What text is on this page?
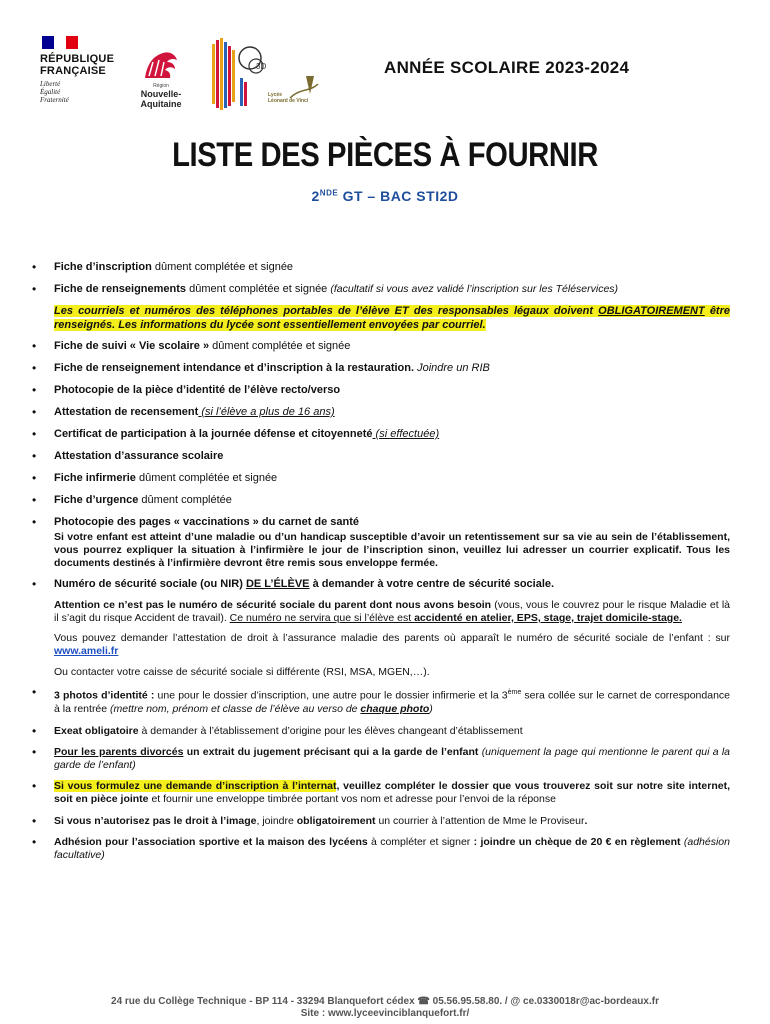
RÉPUBLIQUE
FRANÇAISE
Liberté
Égalité
Fraternité
Région
Nouvelle-
Aquitaine
3D
Lycée
Léonard de Vinci
ANNÉE SCOLAIRE 2023-2024
LISTE DES PIÈCES À FOURNIR
2NDE GT – BAC STI2D
• Fiche d’inscription dûment complétée et signée
• Fiche de renseignements dûment complétée et signée (facultatif si vous avez validé l’inscription sur les Téléservices)
Les courriels et numéros des téléphones portables de l’élève ET des responsables légaux doivent OBLIGATOIREMENT être renseignés. Les informations du lycée sont essentiellement envoyées par courriel.
• Fiche de suivi « Vie scolaire » dûment complétée et signée
• Fiche de renseignement intendance et d’inscription à la restauration. Joindre un RIB
• Photocopie de la pièce d’identité de l’élève recto/verso
• Attestation de recensement (si l’élève a plus de 16 ans)
• Certificat de participation à la journée défense et citoyenneté (si effectuée)
• Attestation d’assurance scolaire
• Fiche infirmerie dûment complétée et signée
• Fiche d’urgence dûment complétée
• Photocopie des pages « vaccinations » du carnet de santé
Si votre enfant est atteint d’une maladie ou d’un handicap susceptible d’avoir un retentissement sur sa vie au sein de l’établissement, vous pourrez expliquer la situation à l’infirmière le jour de l’inscription sinon, veuillez lui adresser un courrier explicatif. Tous les documents destinés à l’infirmière devront être remis sous enveloppe fermée.
• Numéro de sécurité sociale (ou NIR) DE L’ÉLÈVE à demander à votre centre de sécurité sociale.
Attention ce n’est pas le numéro de sécurité sociale du parent dont nous avons besoin (vous, vous le couvrez pour le risque Maladie et là il s’agit du risque Accident de travail). Ce numéro ne servira que si l’élève est accidenté en atelier, EPS, stage, trajet domicile-stage.
Vous pouvez demander l’attestation de droit à l’assurance maladie des parents où apparaît le numéro de sécurité sociale de l’enfant : sur www.ameli.fr
Ou contacter votre caisse de sécurité sociale si différente (RSI, MSA, MGEN,…).
• 3 photos d’identité : une pour le dossier d’inscription, une autre pour le dossier infirmerie et la 3ème sera collée sur le carnet de correspondance à la rentrée (mettre nom, prénom et classe de l’élève au verso de chaque photo)
• Exeat obligatoire à demander à l’établissement d’origine pour les élèves changeant d’établissement
• Pour les parents divorcés un extrait du jugement précisant qui a la garde de l’enfant (uniquement la page qui mentionne le parent qui a la garde de l’enfant)
• Si vous formulez une demande d’inscription à l’internat, veuillez compléter le dossier que vous trouverez soit sur notre site internet, soit en pièce jointe et fournir une enveloppe timbrée portant vos nom et adresse pour l’envoi de la réponse
• Si vous n’autorisez pas le droit à l’image, joindre obligatoirement un courrier à l’attention de Mme le Proviseur.
• Adhésion pour l’association sportive et la maison des lycéens à compléter et signer : joindre un chèque de 20 € en règlement (adhésion facultative)
24 rue du Collège Technique - BP 114 - 33294 Blanquefort cédex ☎ 05.56.95.58.80. / @ ce.0330018r@ac-bordeaux.fr
Site : www.lyceevinciblanquefort.fr/
